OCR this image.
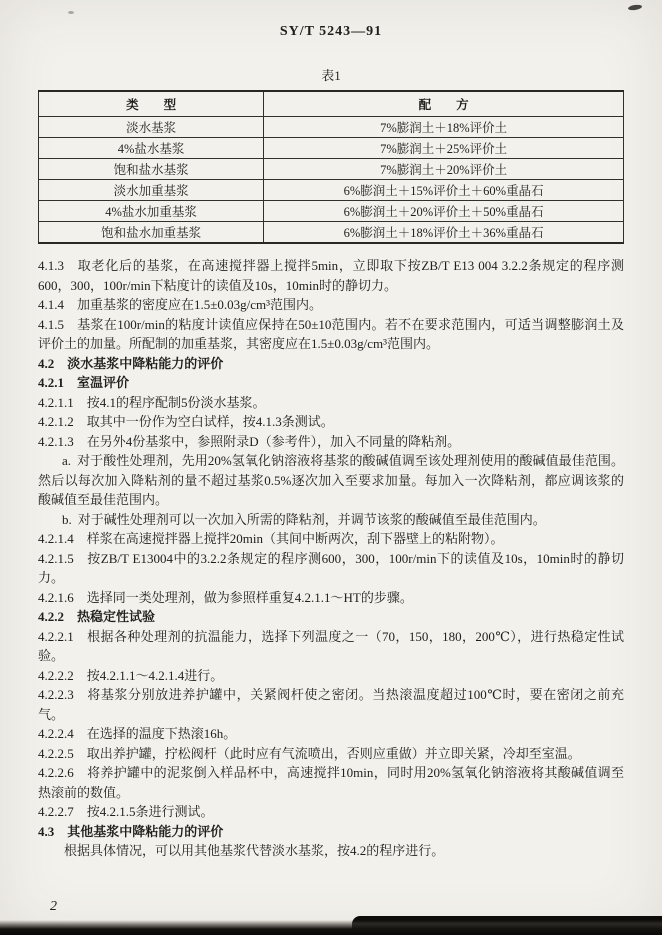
SY/T 5243—91
表1
类　　型	配　　方
淡水基浆	7%膨润土＋18%评价土
4%盐水基浆	7%膨润土＋25%评价土
饱和盐水基浆	7%膨润土＋20%评价土
淡水加重基浆	6%膨润土＋15%评价土＋60%重晶石
4%盐水加重基浆	6%膨润土＋20%评价土＋50%重晶石
饱和盐水加重基浆	6%膨润土＋18%评价土＋36%重晶石

4.1.3 取老化后的基浆，在高速搅拌器上搅拌5min，立即取下按ZB/T E13 004 3.2.2条规定的程序测600，300，100r/min下粘度计的读值及10s，10min时的静切力。

4.1.4 加重基浆的密度应在1.5±0.03g/cm³范围内。

4.1.5 基浆在100r/min的粘度计读值应保持在50±10范围内。若不在要求范围内，可适当调整膨润土及评价土的加量。所配制的加重基浆，其密度应在1.5±0.03g/cm³范围内。

4.2 淡水基浆中降粘能力的评价

4.2.1 室温评价

4.2.1.1 按4.1的程序配制5份淡水基浆。

4.2.1.2 取其中一份作为空白试样，按4.1.3条测试。

4.2.1.3 在另外4份基浆中，参照附录D（参考件），加入不同量的降粘剂。

a. 对于酸性处理剂，先用20%氢氧化钠溶液将基浆的酸碱值调至该处理剂使用的酸碱值最佳范围。然后以每次加入降粘剂的量不超过基浆0.5%逐次加入至要求加量。每加入一次降粘剂，都应调该浆的酸碱值至最佳范围内。

b. 对于碱性处理剂可以一次加入所需的降粘剂，并调节该浆的酸碱值至最佳范围内。

4.2.1.4 样浆在高速搅拌器上搅拌20min（其间中断两次，刮下器壁上的粘附物）。

4.2.1.5 按ZB/T E13004中的3.2.2条规定的程序测600，300，100r/min下的读值及10s，10min时的静切力。

4.2.1.6 选择同一类处理剂，做为参照样重复4.2.1.1～HT的步骤。

4.2.2 热稳定性试验

4.2.2.1 根据各种处理剂的抗温能力，选择下列温度之一（70，150，180，200℃），进行热稳定性试验。

4.2.2.2 按4.2.1.1～4.2.1.4进行。

4.2.2.3 将基浆分别放进养护罐中，关紧阀杆使之密闭。当热滚温度超过100℃时，要在密闭之前充气。

4.2.2.4 在选择的温度下热滚16h。

4.2.2.5 取出养护罐，拧松阀杆（此时应有气流喷出，否则应重做）并立即关紧，冷却至室温。

4.2.2.6 将养护罐中的泥浆倒入样品杯中，高速搅拌10min，同时用20%氢氧化钠溶液将其酸碱值调至热滚前的数值。

4.2.2.7 按4.2.1.5条进行测试。

4.3 其他基浆中降粘能力的评价

根据具体情况，可以用其他基浆代替淡水基浆，按4.2的程序进行。

2
